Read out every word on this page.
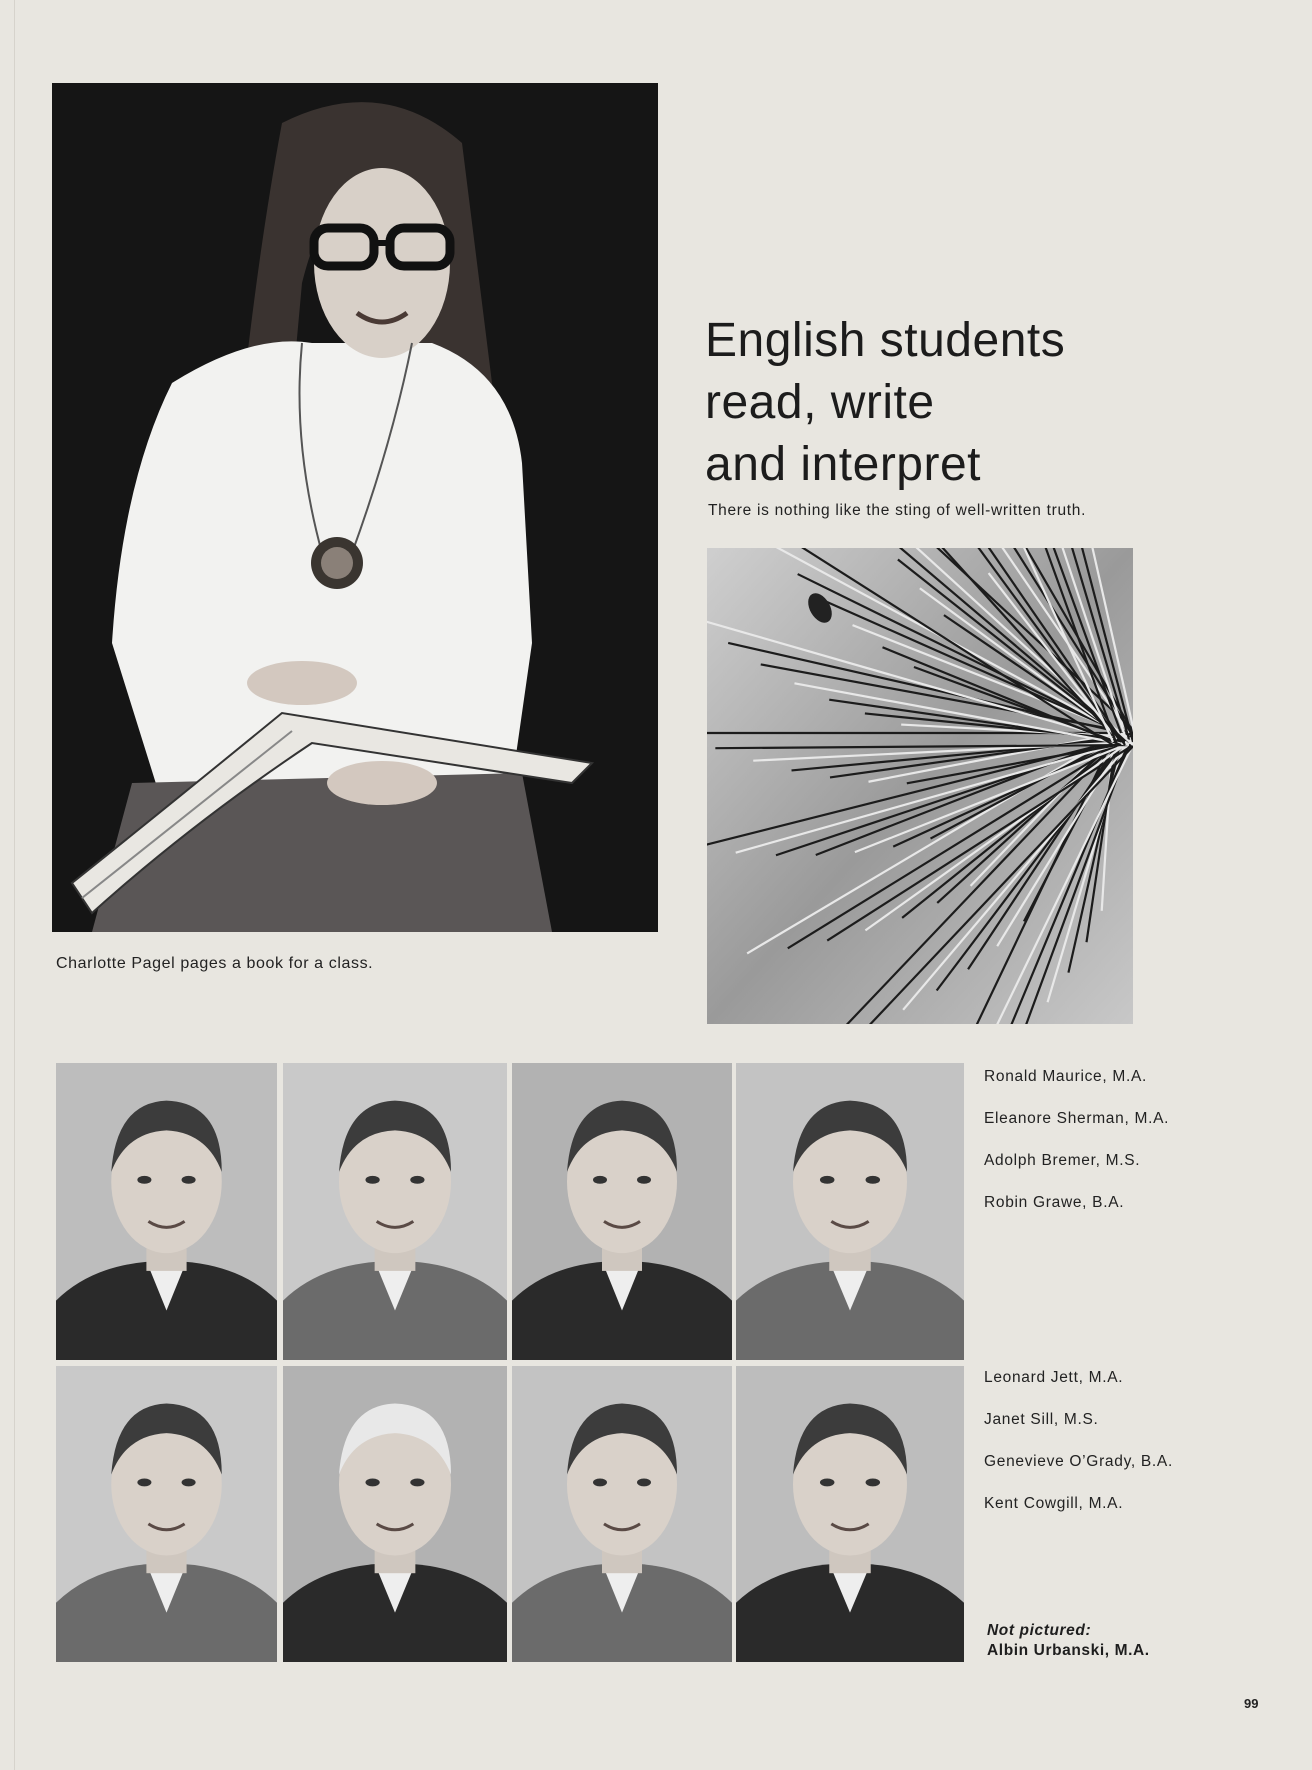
Charlotte Pagel pages a book for a class.
English students
read, write
and interpret
There is nothing like the sting of well-written truth.
Ronald Maurice, M.A.
Eleanore Sherman, M.A.
Adolph Bremer, M.S.
Robin Grawe, B.A.
Leonard Jett, M.A.
Janet Sill, M.S.
Genevieve O’Grady, B.A.
Kent Cowgill, M.A.
Not pictured:
Albin Urbanski, M.A.
99
